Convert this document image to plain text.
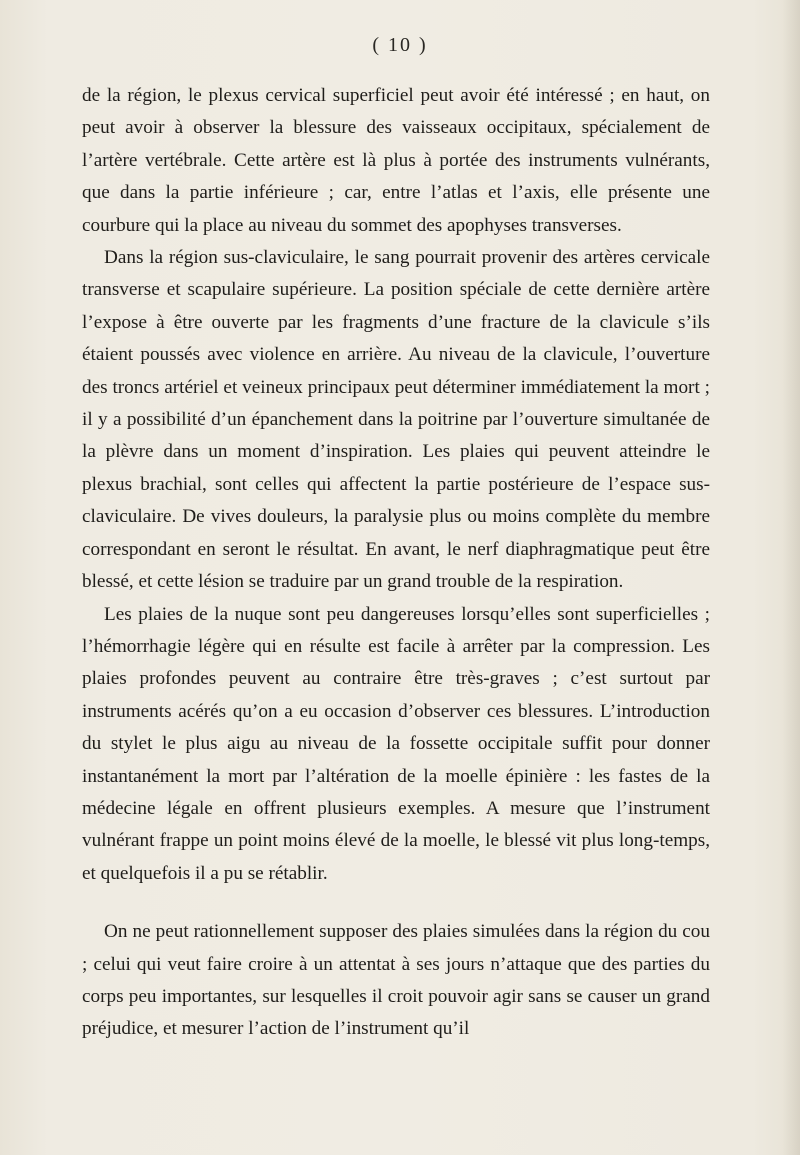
( 10 )

de la région, le plexus cervical superficiel peut avoir été intéressé ; en haut, on peut avoir à observer la blessure des vaisseaux occipitaux, spécialement de l’artère vertébrale. Cette artère est là plus à portée des instruments vulnérants, que dans la partie inférieure ; car, entre l’atlas et l’axis, elle présente une courbure qui la place au niveau du sommet des apophyses transverses.

Dans la région sus-claviculaire, le sang pourrait provenir des artères cervicale transverse et scapulaire supérieure. La position spéciale de cette dernière artère l’expose à être ouverte par les fragments d’une fracture de la clavicule s’ils étaient poussés avec violence en arrière. Au niveau de la clavicule, l’ouverture des troncs artériel et veineux principaux peut déterminer immédiatement la mort ; il y a possibilité d’un épanchement dans la poitrine par l’ouverture simultanée de la plèvre dans un moment d’inspiration. Les plaies qui peuvent atteindre le plexus brachial, sont celles qui affectent la partie postérieure de l’espace sus-claviculaire. De vives douleurs, la paralysie plus ou moins complète du membre correspondant en seront le résultat. En avant, le nerf diaphragmatique peut être blessé, et cette lésion se traduire par un grand trouble de la respiration.

Les plaies de la nuque sont peu dangereuses lorsqu’elles sont superficielles ; l’hémorrhagie légère qui en résulte est facile à arrêter par la compression. Les plaies profondes peuvent au contraire être très-graves ; c’est surtout par instruments acérés qu’on a eu occasion d’observer ces blessures. L’introduction du stylet le plus aigu au niveau de la fossette occipitale suffit pour donner instantanément la mort par l’altération de la moelle épinière : les fastes de la médecine légale en offrent plusieurs exemples. A mesure que l’instrument vulnérant frappe un point moins élevé de la moelle, le blessé vit plus long-temps, et quelquefois il a pu se rétablir.

On ne peut rationnellement supposer des plaies simulées dans la région du cou ; celui qui veut faire croire à un attentat à ses jours n’attaque que des parties du corps peu importantes, sur lesquelles il croit pouvoir agir sans se causer un grand préjudice, et mesurer l’action de l’instrument qu’il
